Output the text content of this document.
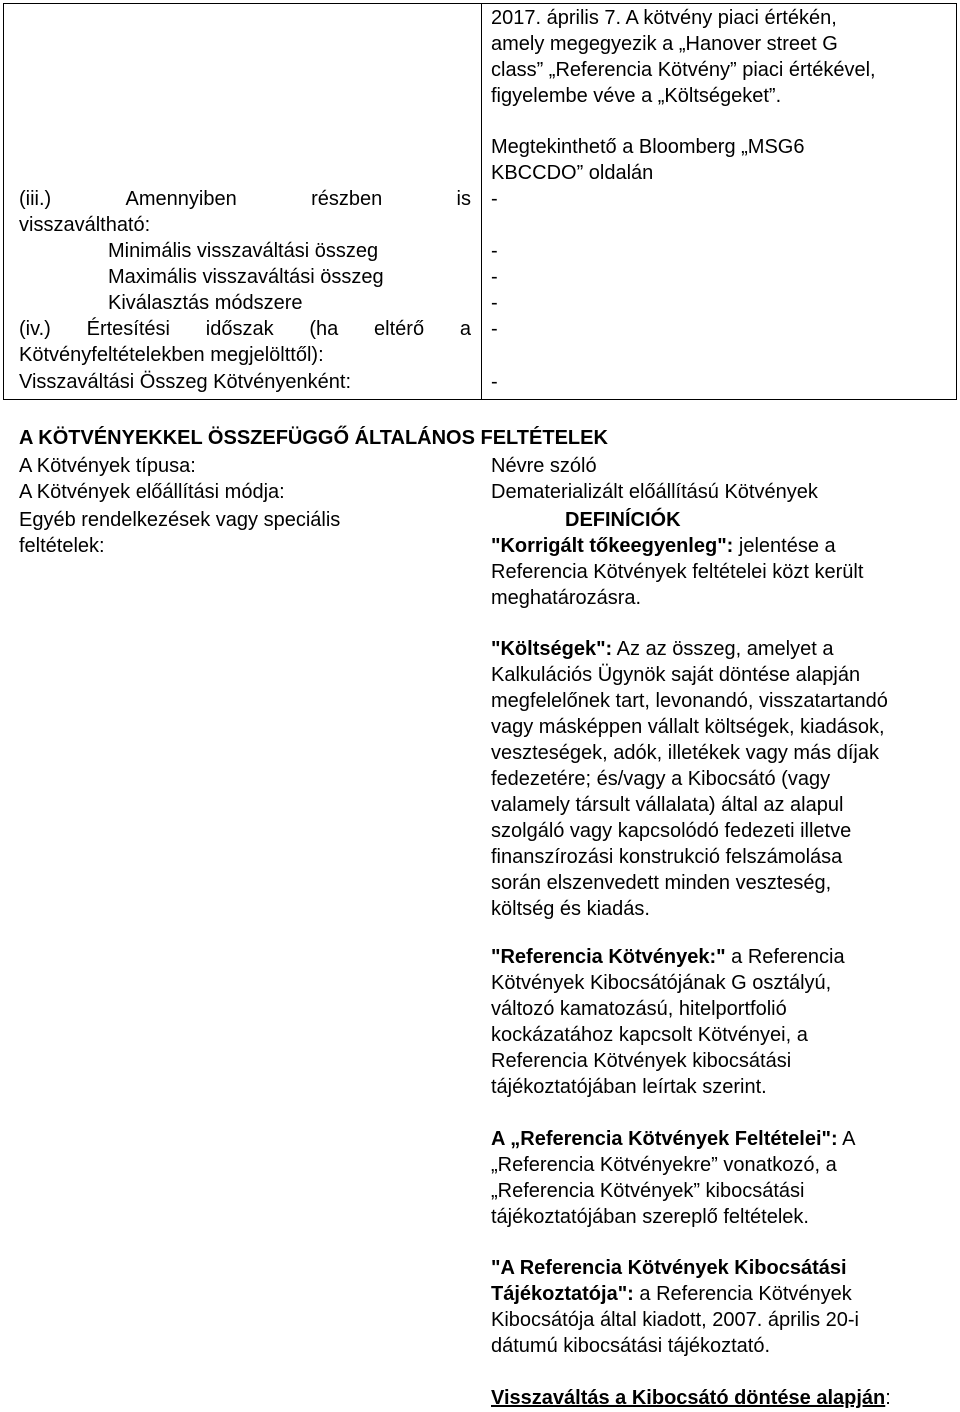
2017. április 7. A kötvény piaci értékén,
amely megegyezik a „Hanover street G
class” „Referencia Kötvény” piaci értékével,
figyelembe véve a „Költségeket”.
Megtekinthető a Bloomberg „MSG6
KBCCDO” oldalán
(iii.)	Amennyiben	részben	is
visszaváltható:
-
Minimális visszaváltási összeg	-
Maximális visszaváltási összeg	-
Kiválasztás módszere	-
(iv.) Értesítési időszak (ha eltérő a
Kötvényfeltételekben megjelölttől):
-
Visszaváltási Összeg Kötvényenként:	-
A KÖTVÉNYEKKEL ÖSSZEFÜGGŐ ÁLTALÁNOS FELTÉTELEK
A Kötvények típusa:	Névre szóló
A Kötvények előállítási módja:	Dematerializált előállítású Kötvények
Egyéb rendelkezések vagy speciális
feltételek:
DEFINÍCIÓK
"Korrigált tőkeegyenleg": jelentése a
Referencia Kötvények feltételei közt került
meghatározásra.
"Költségek": Az az összeg, amelyet a
Kalkulációs Ügynök saját döntése alapján
megfelelőnek tart, levonandó, visszatartandó
vagy másképpen vállalt költségek, kiadások,
veszteségek, adók, illetékek vagy más díjak
fedezetére; és/vagy a Kibocsátó (vagy
valamely társult vállalata) által az alapul
szolgáló vagy kapcsolódó fedezeti illetve
finanszírozási konstrukció felszámolása
során elszenvedett minden veszteség,
költség és kiadás.
"Referencia Kötvények:" a Referencia
Kötvények Kibocsátójának G osztályú,
változó kamatozású, hitelportfolió
kockázatához kapcsolt Kötvényei, a
Referencia Kötvények kibocsátási
tájékoztatójában leírtak szerint.
A „Referencia Kötvények Feltételei": A
„Referencia Kötvényekre” vonatkozó, a
„Referencia Kötvények” kibocsátási
tájékoztatójában szereplő feltételek.
"A Referencia Kötvények Kibocsátási
Tájékoztatója": a Referencia Kötvények
Kibocsátója által kiadott, 2007. április 20-i
dátumú kibocsátási tájékoztató.
Visszaváltás a Kibocsátó döntése alapján:
